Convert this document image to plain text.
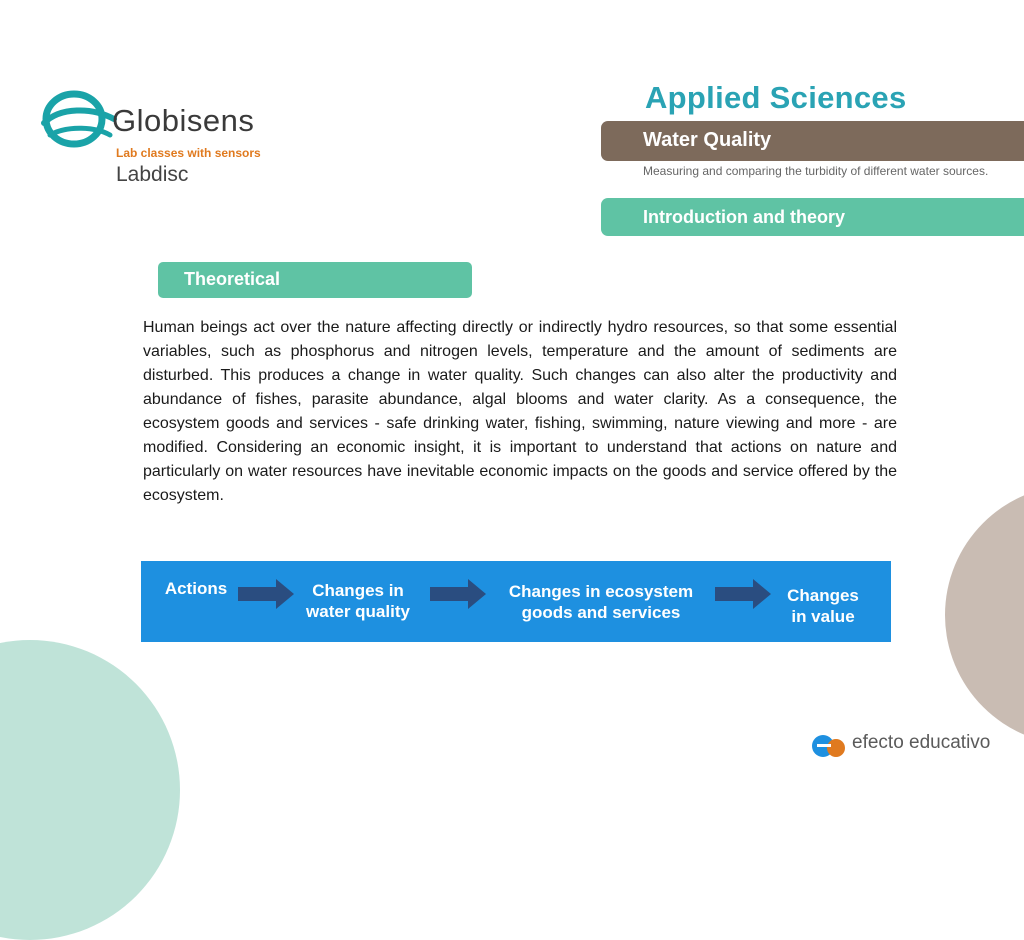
Globisens
Lab classes with sensors
Labdisc
Applied Sciences
Water Quality
Measuring and comparing the turbidity of different water sources.
Introduction and theory
Theoretical
Human beings act over the nature affecting directly or indirectly hydro resources, so that some essential variables, such as phosphorus and nitrogen levels, temperature and the amount of sediments are disturbed. This produces a change in water quality. Such changes can also alter the productivity and abundance of fishes, parasite abundance, algal blooms and water clarity. As a consequence, the ecosystem goods and services - safe drinking water, fishing, swimming, nature viewing and more - are modified. Considering an economic insight, it is important to understand that actions on nature and particularly on water resources have inevitable economic impacts on the goods and service offered by the ecosystem.
Actions	Changes in
water quality
Changes in ecosystem
goods and services
Changes
in value
efecto educativo
